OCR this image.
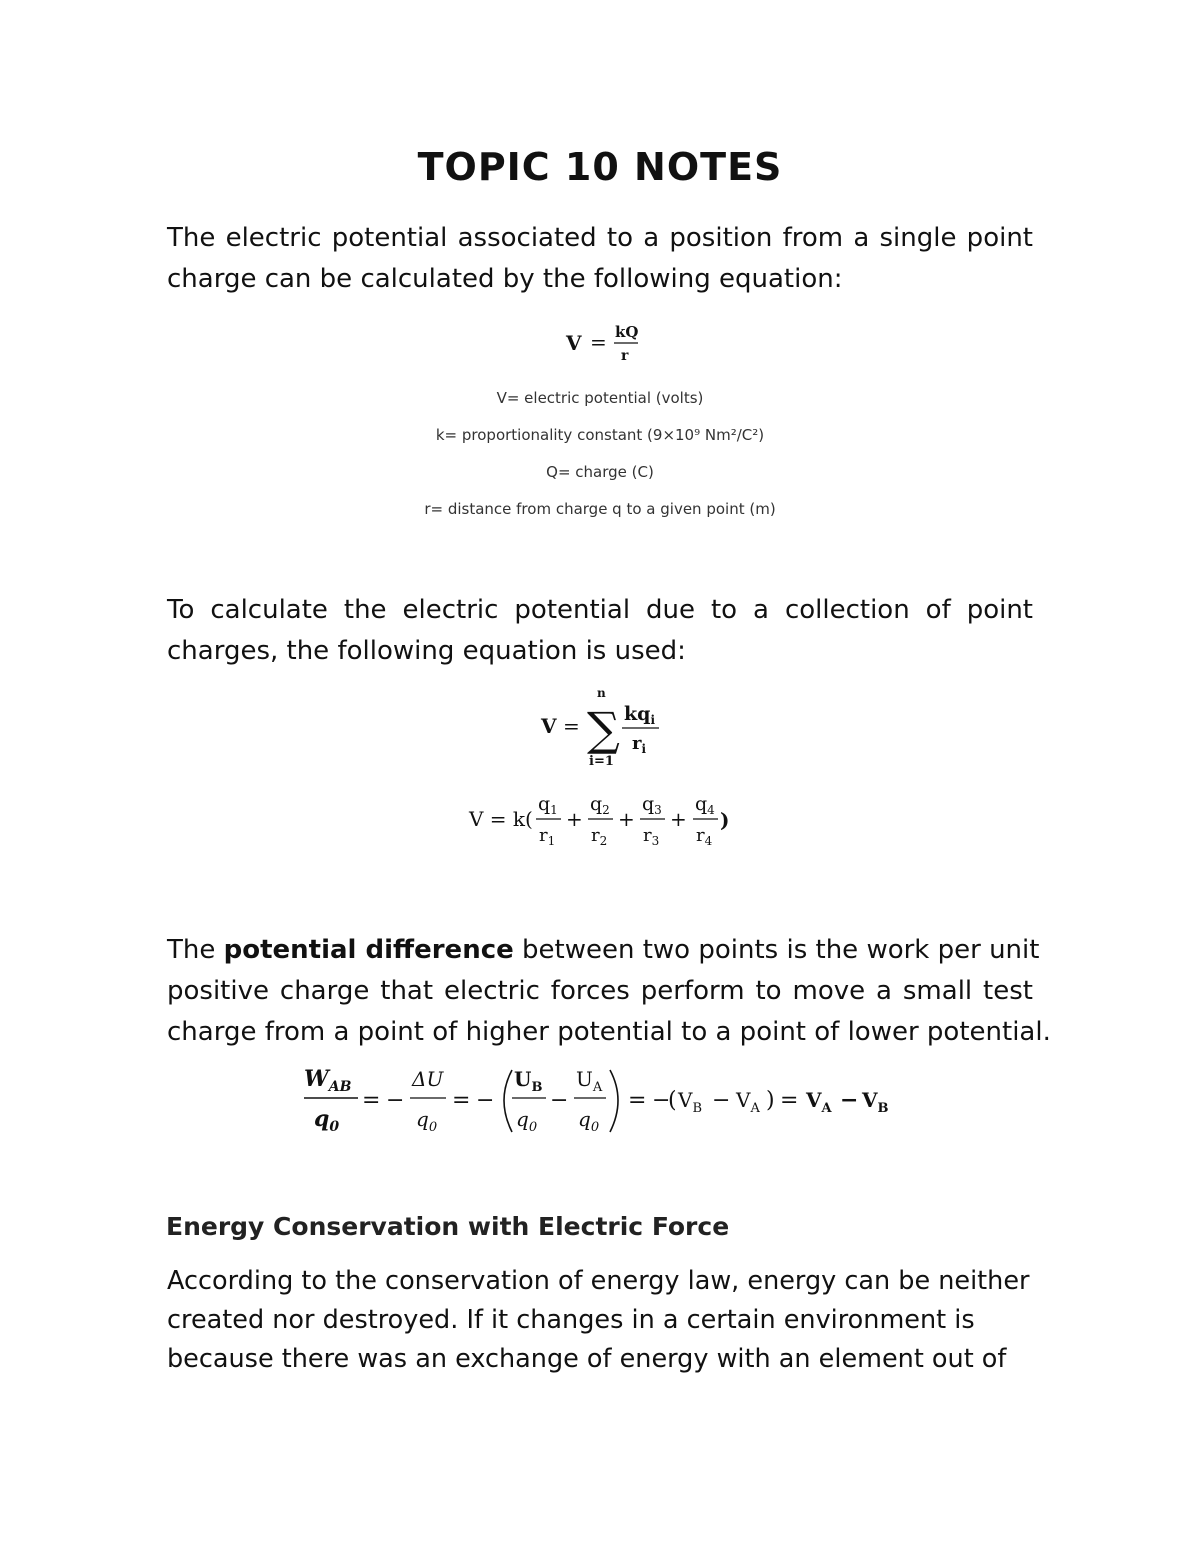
TOPIC 10 NOTES

The electric potential associated to a position from a single point
charge can be calculated by the following equation:

V = kQ
r
V= electric potential (volts)
k= proportionality constant (9×10⁹ Nm²/C²)
Q= charge (C)
r= distance from charge q to a given point (m)

To calculate the electric potential due to a collection of point
charges, the following equation is used:

V =
n
∑
i=1
$kq_i$
$r_i$
V = k(
$q_1$
$r_1$
+
$q_2$
$r_2$
+
$q_3$
$r_3$
+
$q_4$
$r_4$
)

The potential difference between two points is the work per unit
positive charge that electric forces perform to move a small test
charge from a point of higher potential to a point of lower potential.

$W_{AB}$
$q_0$
= −
ΔU
$q_0$
= −
$U_B$
$q_0$
−
$U_A$
$q_0$
= −
( $V_B - V_A$ ) = $V_A - V_B$
Energy Conservation with Electric Force

According to the conservation of energy law, energy can be neither
created nor destroyed. If it changes in a certain environment is
because there was an exchange of energy with an element out of
